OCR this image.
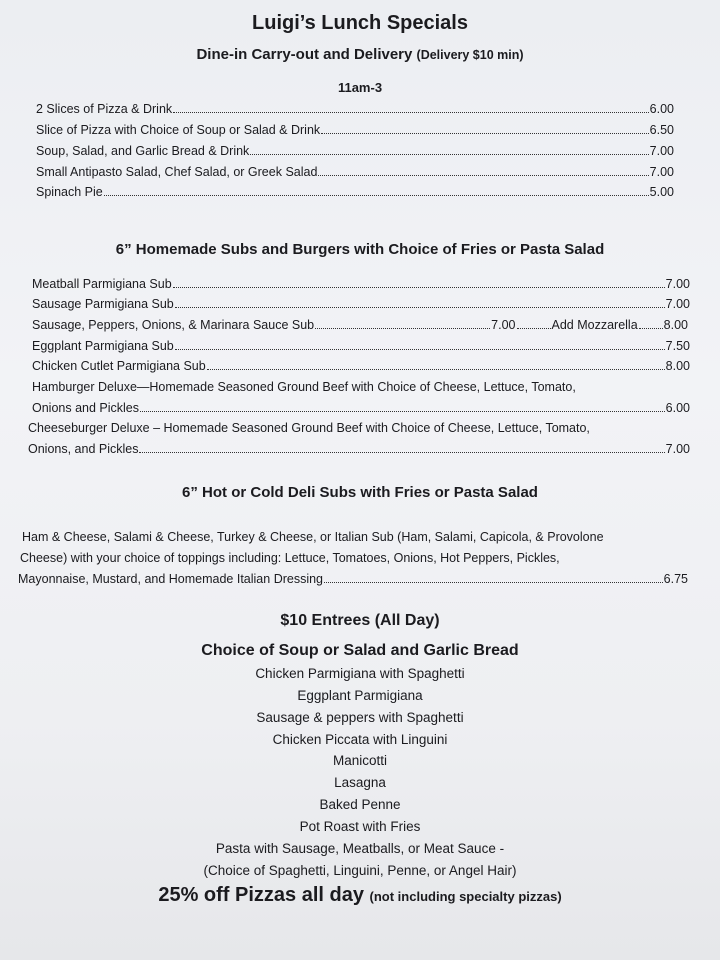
Luigi’s Lunch Specials
Dine-in Carry-out and Delivery (Delivery $10 min)
11am-3
2 Slices of Pizza & Drink	6.00
Slice of Pizza with Choice of Soup or Salad & Drink	6.50
Soup, Salad, and Garlic Bread & Drink	7.00
Small Antipasto Salad, Chef Salad, or Greek Salad	7.00
Spinach Pie	5.00
6” Homemade Subs and Burgers with Choice of Fries or Pasta Salad
Meatball Parmigiana Sub	7.00
Sausage Parmigiana Sub	7.00
Sausage, Peppers, Onions, & Marinara Sauce Sub	7.00	Add Mozzarella 8.00
Eggplant Parmigiana Sub	7.50
Chicken Cutlet Parmigiana Sub	8.00
Hamburger Deluxe—Homemade Seasoned Ground Beef with Choice of Cheese, Lettuce, Tomato,
Onions and Pickles	6.00
Cheeseburger Deluxe – Homemade Seasoned Ground Beef with Choice of Cheese, Lettuce, Tomato,
Onions, and Pickles	7.00
6” Hot or Cold Deli Subs with Fries or Pasta Salad
Ham & Cheese, Salami & Cheese, Turkey & Cheese, or Italian Sub (Ham, Salami, Capicola, & Provolone
Cheese) with your choice of toppings including: Lettuce, Tomatoes, Onions, Hot Peppers, Pickles,
Mayonnaise, Mustard, and Homemade Italian Dressing	6.75
$10 Entrees (All Day)
Choice of Soup or Salad and Garlic Bread
Chicken Parmigiana with Spaghetti
Eggplant Parmigiana
Sausage & peppers with Spaghetti
Chicken Piccata with Linguini
Manicotti
Lasagna
Baked Penne
Pot Roast with Fries
Pasta with Sausage, Meatballs, or Meat Sauce -
(Choice of Spaghetti, Linguini, Penne, or Angel Hair)
25% off Pizzas all day (not including specialty pizzas)
